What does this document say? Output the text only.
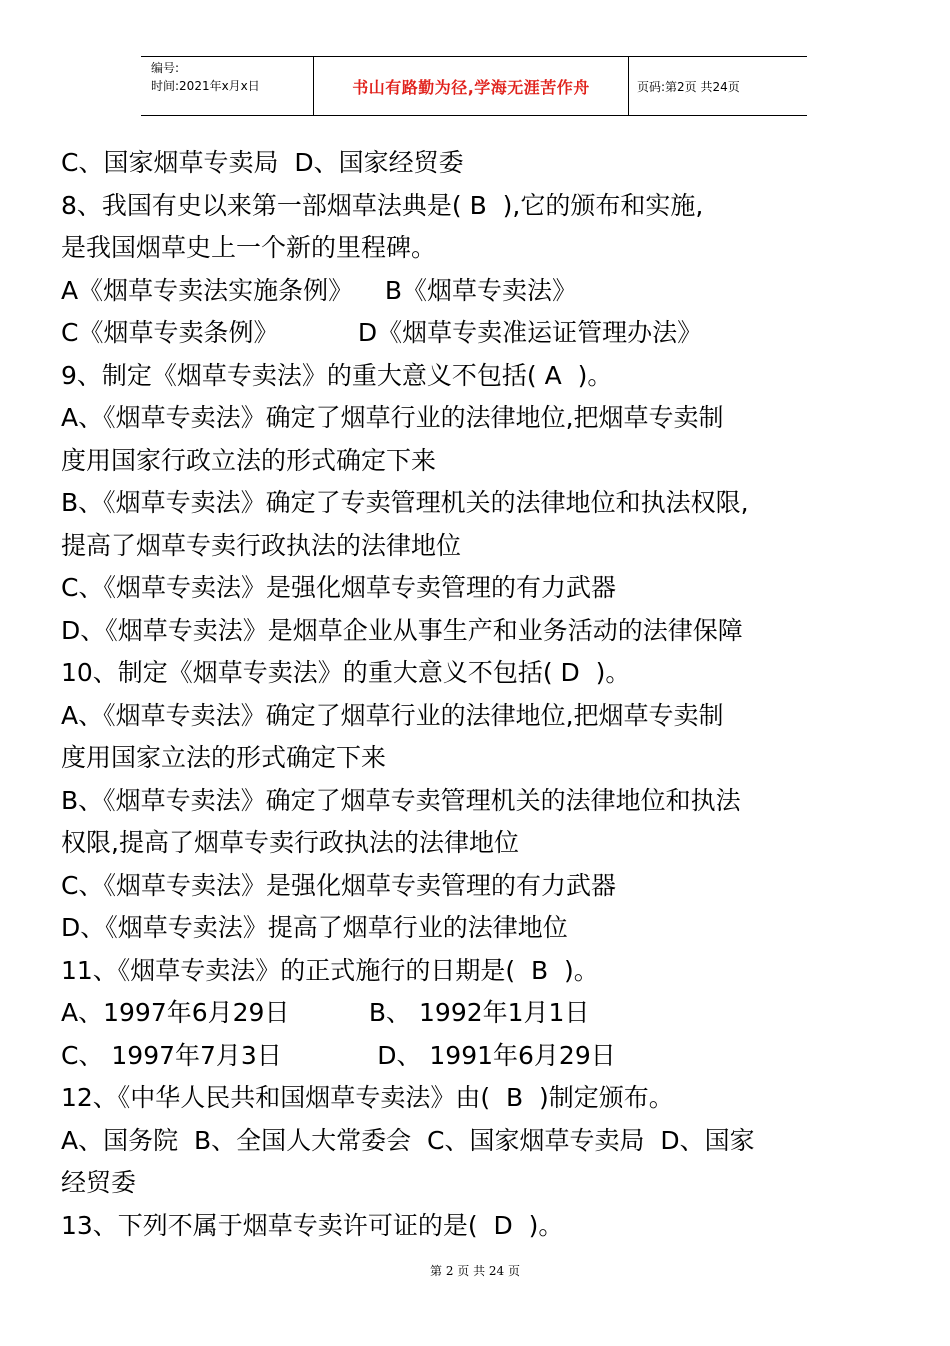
编号:
时间:2021年x月x日	书山有路勤为径,学海无涯苦作舟	页码:第2页 共24页
C、国家烟草专卖局  D、国家经贸委
8、我国有史以来第一部烟草法典是( B  ),它的颁布和实施,
是我国烟草史上一个新的里程碑。
A《烟草专卖法实施条例》    B《烟草专卖法》
C《烟草专卖条例》          D《烟草专卖准运证管理办法》
9、制定《烟草专卖法》的重大意义不包括( A  )。
A、《烟草专卖法》确定了烟草行业的法律地位,把烟草专卖制
度用国家行政立法的形式确定下来
B、《烟草专卖法》确定了专卖管理机关的法律地位和执法权限,
提高了烟草专卖行政执法的法律地位
C、《烟草专卖法》是强化烟草专卖管理的有力武器
D、《烟草专卖法》是烟草企业从事生产和业务活动的法律保障
10、制定《烟草专卖法》的重大意义不包括( D  )。
A、《烟草专卖法》确定了烟草行业的法律地位,把烟草专卖制
度用国家立法的形式确定下来
B、《烟草专卖法》确定了烟草专卖管理机关的法律地位和执法
权限,提高了烟草专卖行政执法的法律地位
C、《烟草专卖法》是强化烟草专卖管理的有力武器
D、《烟草专卖法》提高了烟草行业的法律地位
11、《烟草专卖法》的正式施行的日期是(  B  )。
A、1997年6月29日          B、 1992年1月1日
C、 1997年7月3日            D、 1991年6月29日
12、《中华人民共和国烟草专卖法》由(  B  )制定颁布。
A、国务院  B、全国人大常委会  C、国家烟草专卖局  D、国家
经贸委
13、下列不属于烟草专卖许可证的是(  D  )。
第 2 页 共 24 页
